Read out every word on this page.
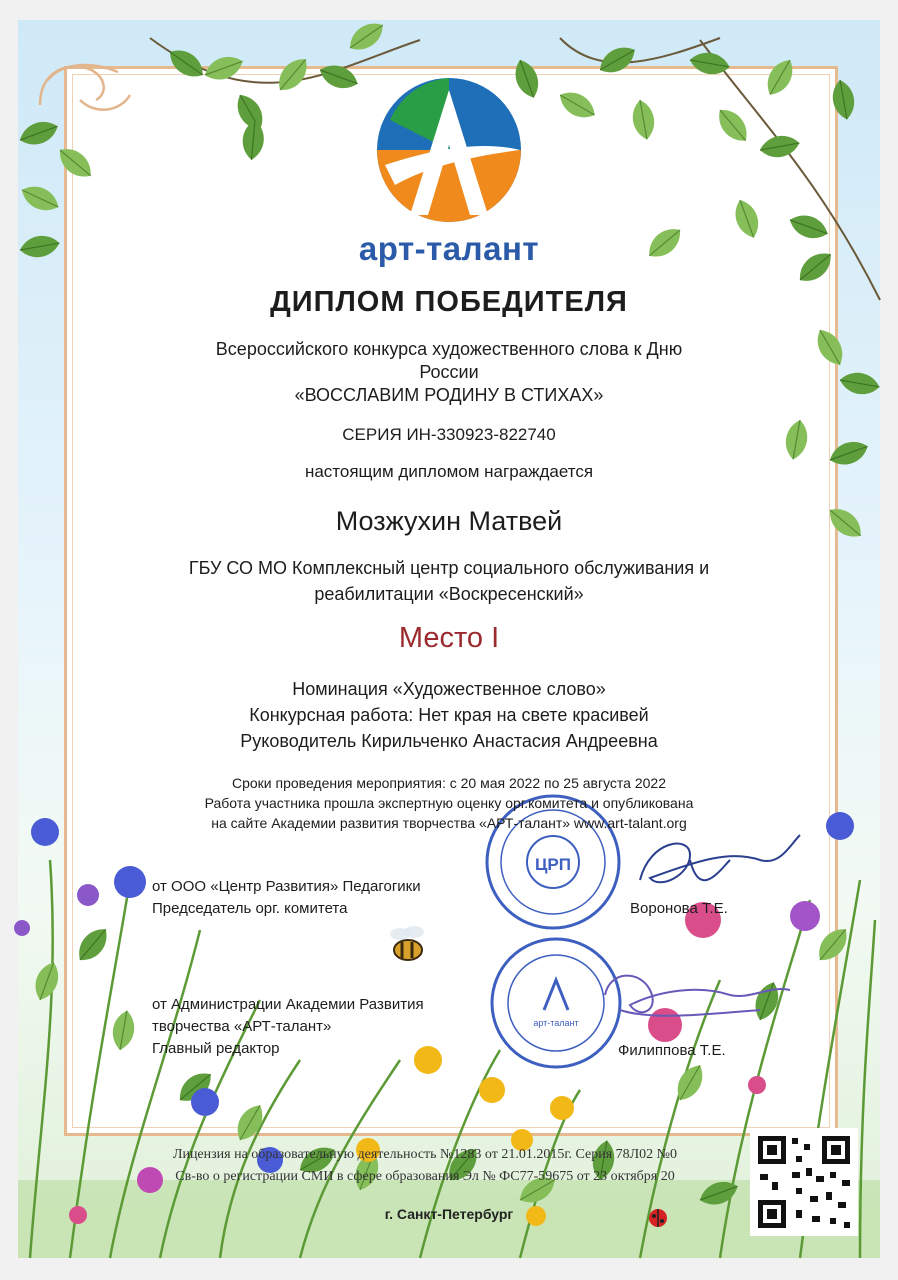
ЦРП
арт-талант
арт-талант
ДИПЛОМ ПОБЕДИТЕЛЯ
Всероссийского конкурса художественного слова к Дню
России
«ВОССЛАВИМ РОДИНУ В СТИХАХ»
СЕРИЯ ИН-330923-822740
настоящим дипломом награждается
Мозжухин Матвей
ГБУ СО МО Комплексный центр социального обслуживания и
реабилитации «Воскресенский»
Место I
Номинация «Художественное слово»
Конкурсная работа: Нет края на свете красивей
Руководитель Кирильченко Анастасия Андреевна
Сроки проведения мероприятия: с 20 мая 2022 по 25 августа 2022
Работа участника прошла экспертную оценку орг.комитета и опубликована
на сайте Академии развития творчества «АРТ-талант» www.art-talant.org
от ООО «Центр Развития» Педагогики
Председатель орг. комитета	Воронова Т.Е.
от Администрации Академии Развития
творчества «АРТ-талант»
Главный редактор	Филиппова Т.Е.
Лицензия на образовательную деятельность №1283 от 21.01.2015г. Серия 78Л02 №0
Св-во о регистрации СМИ в сфере образования Эл № ФС77-59675 от 23 октября 20
г. Санкт-Петербург
